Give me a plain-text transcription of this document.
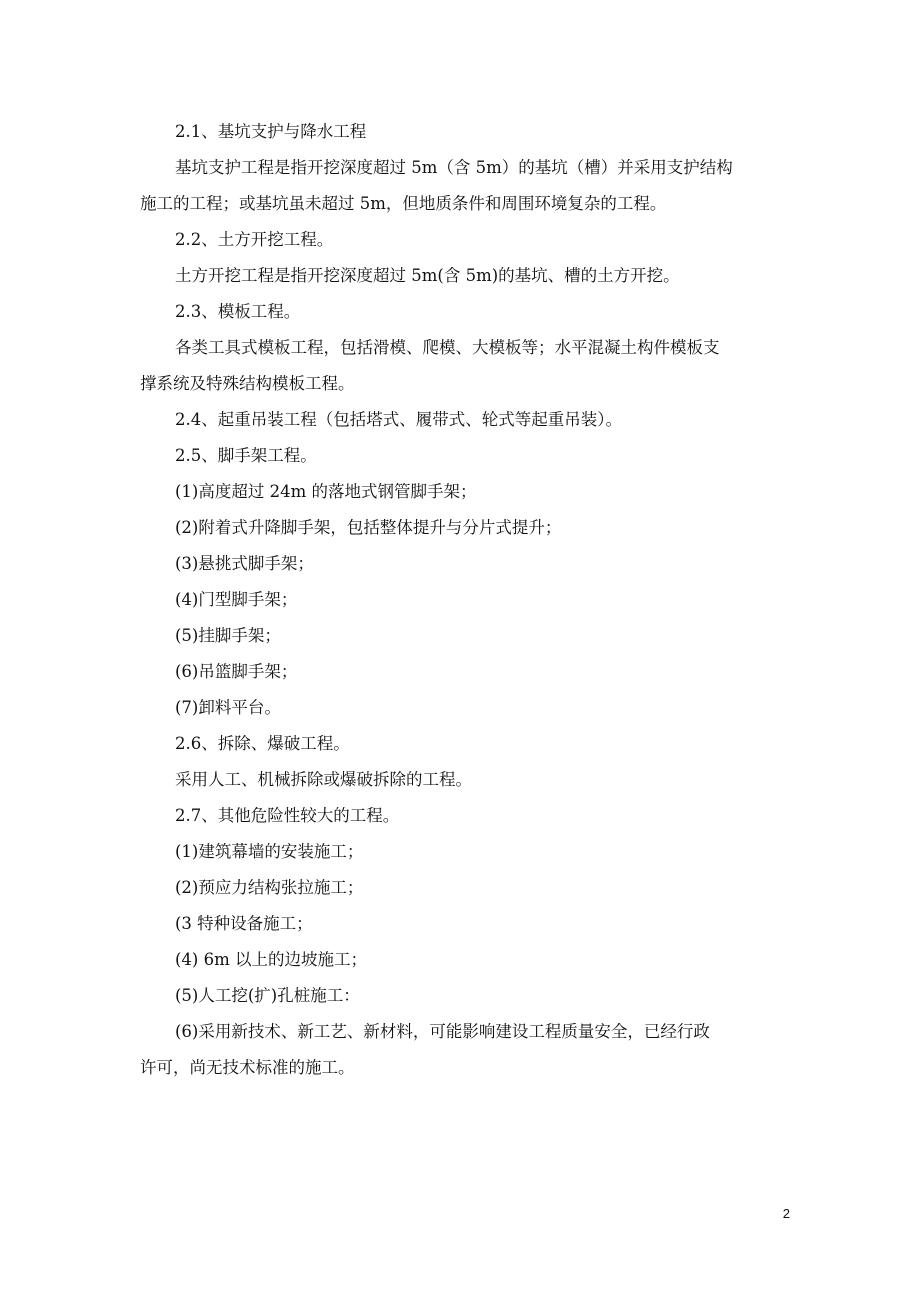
2.1、基坑支护与降水工程
基坑支护工程是指开挖深度超过 5m（含 5m）的基坑（槽）并采用支护结构
施工的工程；或基坑虽未超过 5m，但地质条件和周围环境复杂的工程。
2.2、土方开挖工程。
土方开挖工程是指开挖深度超过 5m(含 5m)的基坑、槽的土方开挖。
2.3、模板工程。
各类工具式模板工程，包括滑模、爬模、大模板等；水平混凝土构件模板支
撑系统及特殊结构模板工程。
2.4、起重吊装工程（包括塔式、履带式、轮式等起重吊装）。
2.5、脚手架工程。
(1)高度超过 24m 的落地式钢管脚手架；
(2)附着式升降脚手架，包括整体提升与分片式提升；
(3)悬挑式脚手架；
(4)门型脚手架；
(5)挂脚手架；
(6)吊篮脚手架；
(7)卸料平台。
2.6、拆除、爆破工程。
采用人工、机械拆除或爆破拆除的工程。
2.7、其他危险性较大的工程。
(1)建筑幕墙的安装施工；
(2)预应力结构张拉施工；
(3 特种设备施工；
(4) 6m 以上的边坡施工；
(5)人工挖(扩)孔桩施工：
(6)采用新技术、新工艺、新材料，可能影响建设工程质量安全，已经行政
许可，尚无技术标准的施工。
2
